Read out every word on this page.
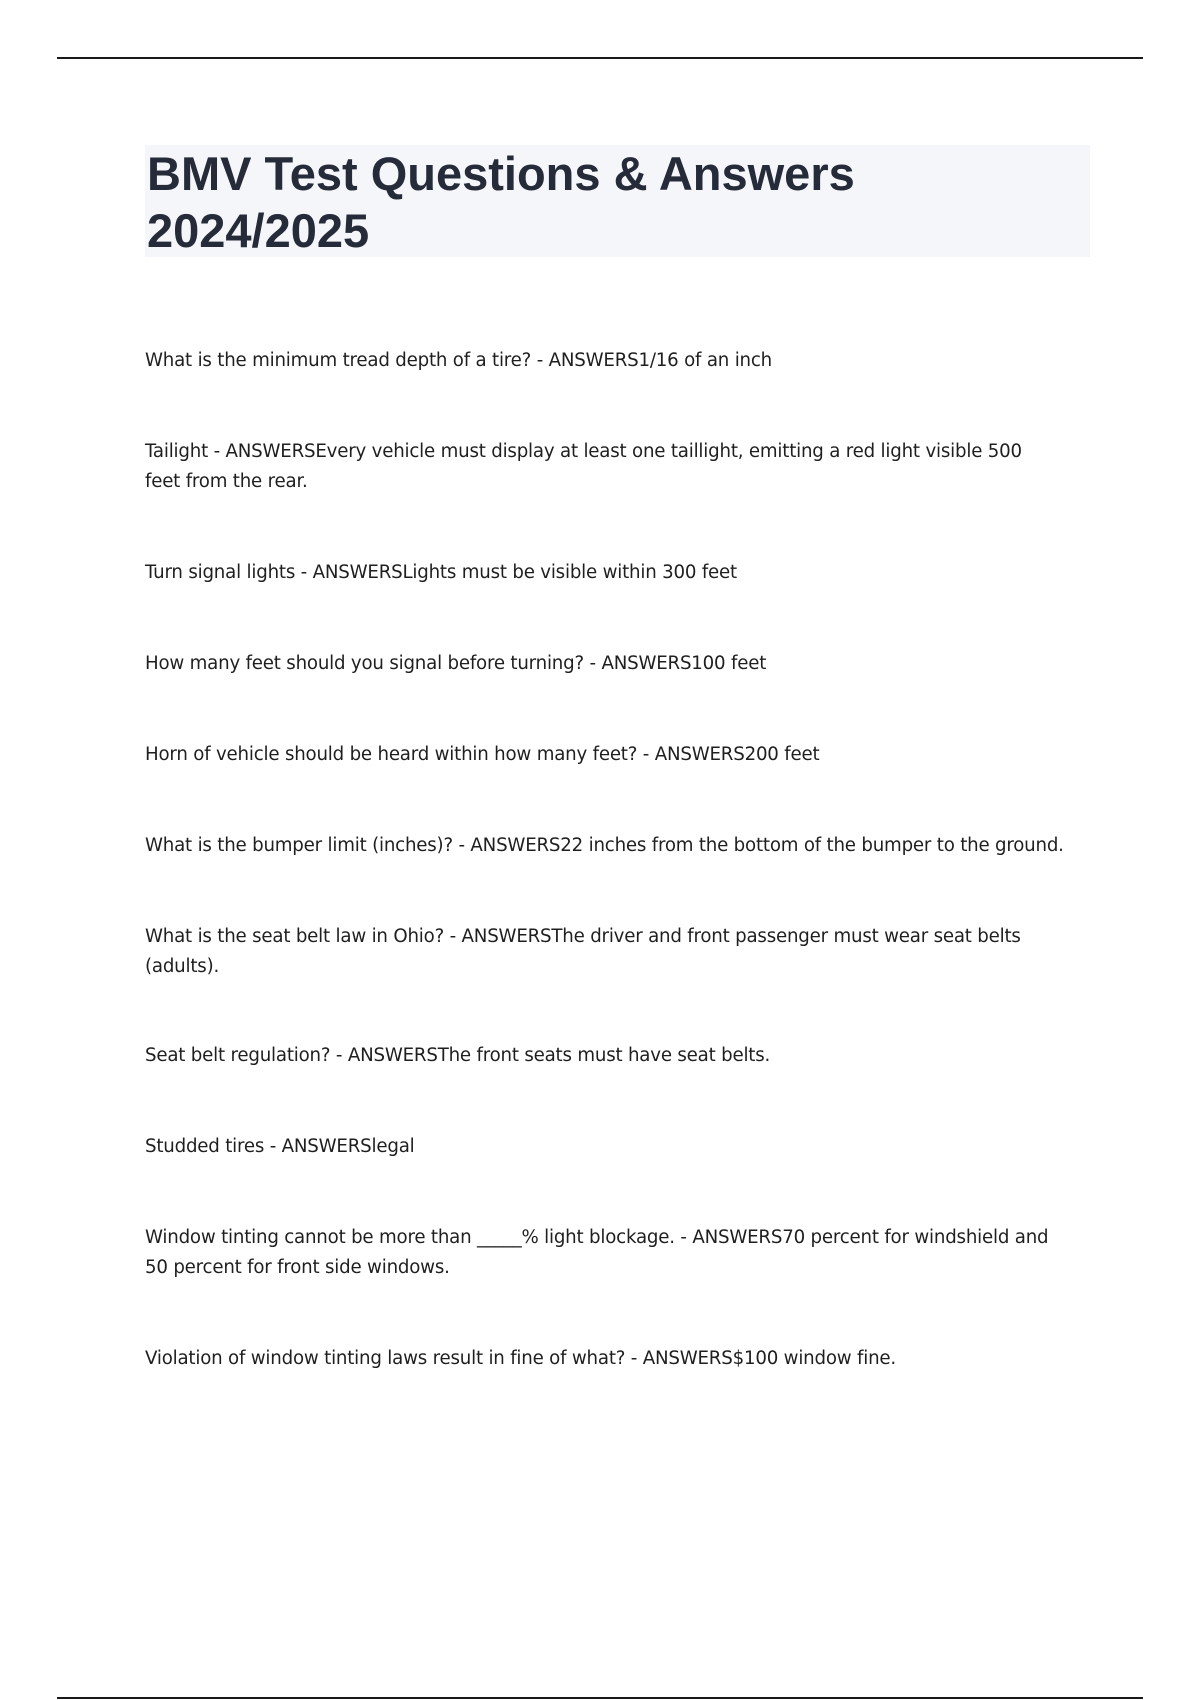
BMV Test Questions & Answers
2024/2025
What is the minimum tread depth of a tire? - ANSWERS1/16 of an inch
Tailight - ANSWERSEvery vehicle must display at least one taillight, emitting a red light visible 500 feet from the rear.
Turn signal lights - ANSWERSLights must be visible within 300 feet
How many feet should you signal before turning? - ANSWERS100 feet
Horn of vehicle should be heard within how many feet? - ANSWERS200 feet
What is the bumper limit (inches)? - ANSWERS22 inches from the bottom of the bumper to the ground.
What is the seat belt law in Ohio? - ANSWERSThe driver and front passenger must wear seat belts (adults).
Seat belt regulation? - ANSWERSThe front seats must have seat belts.
Studded tires - ANSWERSlegal
Window tinting cannot be more than _____% light blockage. - ANSWERS70 percent for windshield and 50 percent for front side windows.
Violation of window tinting laws result in fine of what? - ANSWERS$100 window fine.
